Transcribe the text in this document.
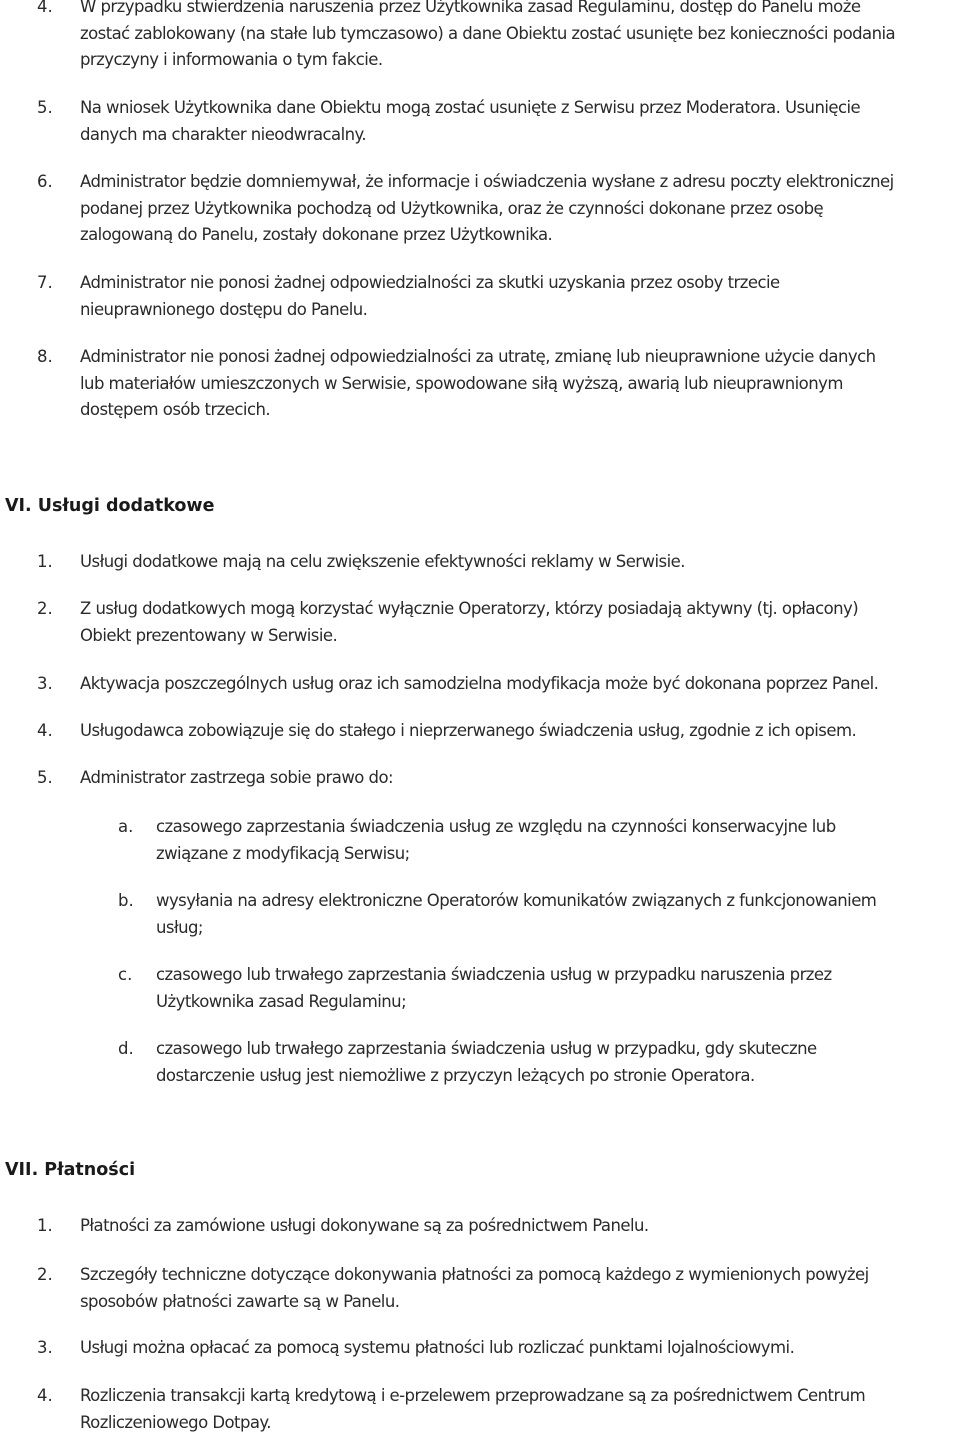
4. W przypadku stwierdzenia naruszenia przez Użytkownika zasad Regulaminu, dostęp do Panelu może
zostać zablokowany (na stałe lub tymczasowo) a dane Obiektu zostać usunięte bez konieczności podania
przyczyny i informowania o tym fakcie.
5. Na wniosek Użytkownika dane Obiektu mogą zostać usunięte z Serwisu przez Moderatora. Usunięcie
danych ma charakter nieodwracalny.
6. Administrator będzie domniemywał, że informacje i oświadczenia wysłane z adresu poczty elektronicznej
podanej przez Użytkownika pochodzą od Użytkownika, oraz że czynności dokonane przez osobę
zalogowaną do Panelu, zostały dokonane przez Użytkownika.
7. Administrator nie ponosi żadnej odpowiedzialności za skutki uzyskania przez osoby trzecie
nieuprawnionego dostępu do Panelu.
8. Administrator nie ponosi żadnej odpowiedzialności za utratę, zmianę lub nieuprawnione użycie danych
lub materiałów umieszczonych w Serwisie, spowodowane siłą wyższą, awarią lub nieuprawnionym
dostępem osób trzecich.
VI. Usługi dodatkowe
1. Usługi dodatkowe mają na celu zwiększenie efektywności reklamy w Serwisie.
2. Z usług dodatkowych mogą korzystać wyłącznie Operatorzy, którzy posiadają aktywny (tj. opłacony)
Obiekt prezentowany w Serwisie.
3. Aktywacja poszczególnych usług oraz ich samodzielna modyfikacja może być dokonana poprzez Panel.
4. Usługodawca zobowiązuje się do stałego i nieprzerwanego świadczenia usług, zgodnie z ich opisem.
5. Administrator zastrzega sobie prawo do:
a. czasowego zaprzestania świadczenia usług ze względu na czynności konserwacyjne lub
związane z modyfikacją Serwisu;
b. wysyłania na adresy elektroniczne Operatorów komunikatów związanych z funkcjonowaniem
usług;
c. czasowego lub trwałego zaprzestania świadczenia usług w przypadku naruszenia przez
Użytkownika zasad Regulaminu;
d. czasowego lub trwałego zaprzestania świadczenia usług w przypadku, gdy skuteczne
dostarczenie usług jest niemożliwe z przyczyn leżących po stronie Operatora.
VII. Płatności
1. Płatności za zamówione usługi dokonywane są za pośrednictwem Panelu.
2. Szczegóły techniczne dotyczące dokonywania płatności za pomocą każdego z wymienionych powyżej
sposobów płatności zawarte są w Panelu.
3. Usługi można opłacać za pomocą systemu płatności lub rozliczać punktami lojalnościowymi.
4. Rozliczenia transakcji kartą kredytową i e-przelewem przeprowadzane są za pośrednictwem Centrum
Rozliczeniowego Dotpay.
